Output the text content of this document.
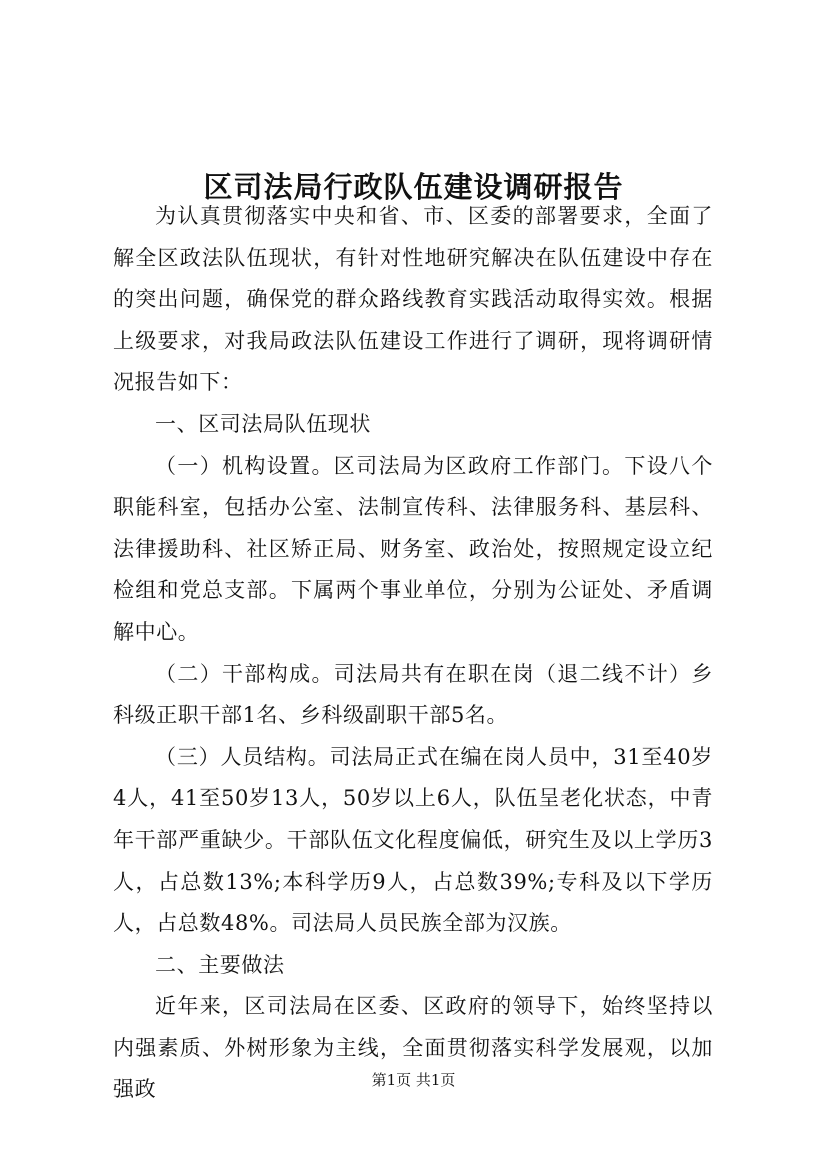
区司法局行政队伍建设调研报告

为认真贯彻落实中央和省、市、区委的部署要求，全面了解全区政法队伍现状，有针对性地研究解决在队伍建设中存在的突出问题，确保党的群众路线教育实践活动取得实效。根据上级要求，对我局政法队伍建设工作进行了调研，现将调研情况报告如下：

一、区司法局队伍现状

（一）机构设置。区司法局为区政府工作部门。下设八个职能科室，包括办公室、法制宣传科、法律服务科、基层科、法律援助科、社区矫正局、财务室、政治处，按照规定设立纪检组和党总支部。下属两个事业单位，分别为公证处、矛盾调解中心。

（二）干部构成。司法局共有在职在岗（退二线不计）乡科级正职干部1名、乡科级副职干部5名。

（三）人员结构。司法局正式在编在岗人员中，31至40岁4人，41至50岁13人，50岁以上6人，队伍呈老化状态，中青年干部严重缺少。干部队伍文化程度偏低，研究生及以上学历3人，占总数13%;本科学历9人，占总数39%;专科及以下学历人，占总数48%。司法局人员民族全部为汉族。

二、主要做法

近年来，区司法局在区委、区政府的领导下，始终坚持以内强素质、外树形象为主线，全面贯彻落实科学发展观，以加强政	第1页 共1页
